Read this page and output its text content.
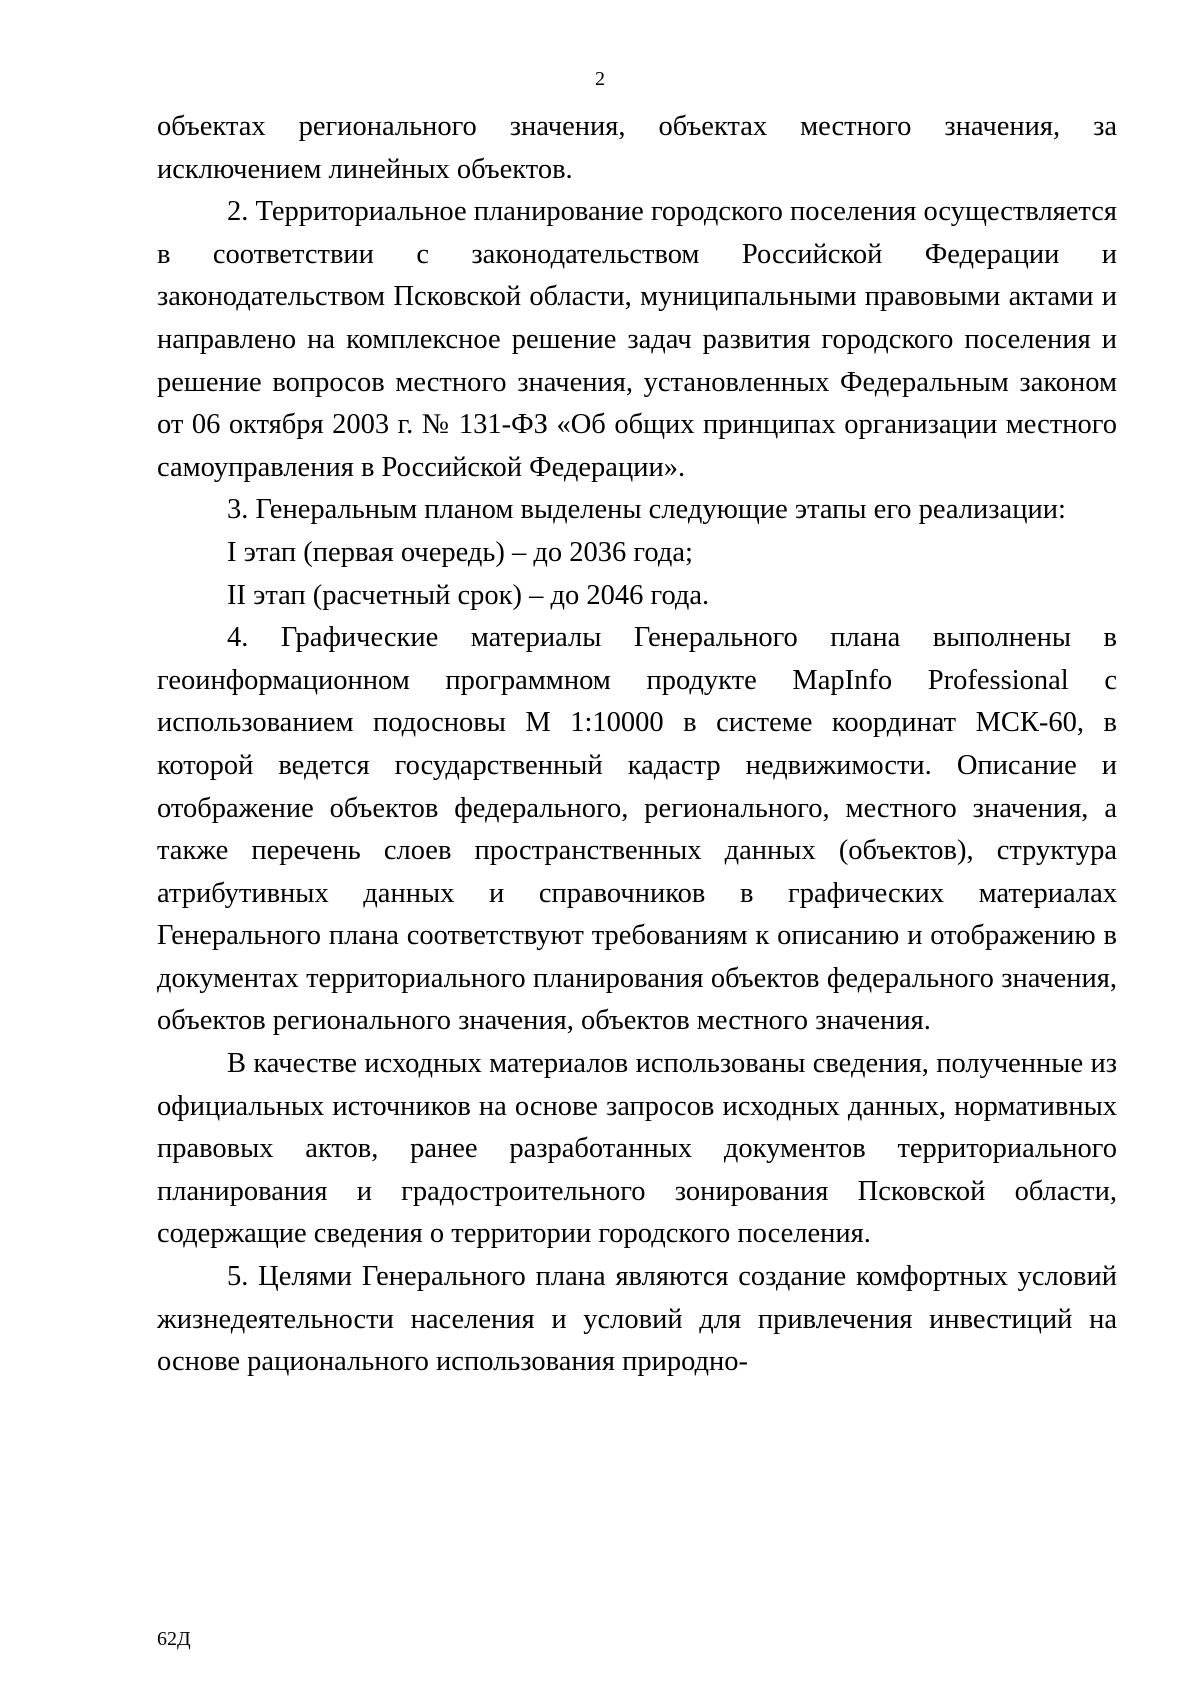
2

объектах регионального значения, объектах местного значения, за исключением линейных объектов.

2. Территориальное планирование городского поселения осуществляется в соответствии с законодательством Российской Федерации и законодательством Псковской области, муниципальными правовыми актами и направлено на комплексное решение задач развития городского поселения и решение вопросов местного значения, установленных Федеральным законом от 06 октября 2003 г. № 131-ФЗ «Об общих принципах организации местного самоуправления в Российской Федерации».

3. Генеральным планом выделены следующие этапы его реализации:

I этап (первая очередь) – до 2036 года;

II этап (расчетный срок) – до 2046 года.

4. Графические материалы Генерального плана выполнены в геоинформационном программном продукте MapInfo Professional с использованием подосновы М 1:10000 в системе координат МСК-60, в которой ведется государственный кадастр недвижимости. Описание и отображение объектов федерального, регионального, местного значения, а также перечень слоев пространственных данных (объектов), структура атрибутивных данных и справочников в графических материалах Генерального плана соответствуют требованиям к описанию и отображению в документах территориального планирования объектов федерального значения, объектов регионального значения, объектов местного значения.

В качестве исходных материалов использованы сведения, полученные из официальных источников на основе запросов исходных данных, нормативных правовых актов, ранее разработанных документов территориального планирования и градостроительного зонирования Псковской области, содержащие сведения о территории городского поселения.

5. Целями Генерального плана являются создание комфортных условий жизнедеятельности населения и условий для привлечения инвестиций на основе рационального использования природно-

62Д
